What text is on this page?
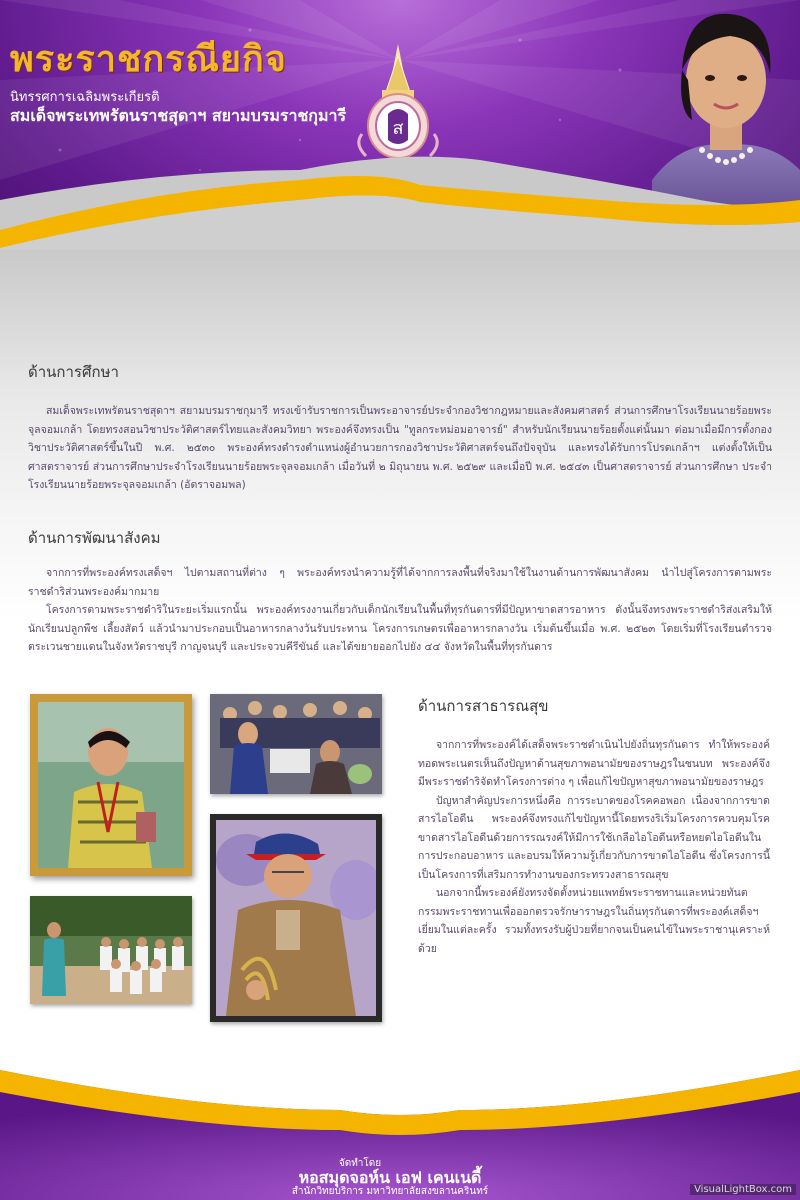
พระราชกรณียกิจ
นิทรรศการเฉลิมพระเกียรติ
สมเด็จพระเทพรัตนราชสุดาฯ สยามบรมราชกุมารี
ส
ด้านการศึกษา

สมเด็จพระเทพรัตนราชสุดาฯ สยามบรมราชกุมารี ทรงเข้ารับราชการเป็นพระอาจารย์ประจำกองวิชากฎหมายและสังคมศาสตร์ ส่วนการศึกษาโรงเรียนนายร้อยพระจุลจอมเกล้า โดยทรงสอนวิชาประวัติศาสตร์ไทยและสังคมวิทยา พระองค์จึงทรงเป็น "ทูลกระหม่อมอาจารย์" สำหรับนักเรียนนายร้อยตั้งแต่นั้นมา ต่อมาเมื่อมีการตั้งกองวิชาประวัติศาสตร์ขึ้นในปี พ.ศ. ๒๕๓๐ พระองค์ทรงดำรงตำแหน่งผู้อำนวยการกองวิชาประวัติศาสตร์จนถึงปัจจุบัน และทรงได้รับการโปรดเกล้าฯ แต่งตั้งให้เป็นศาสตราจารย์ ส่วนการศึกษาประจำโรงเรียนนายร้อยพระจุลจอมเกล้า เมื่อวันที่ ๒ มิถุนายน พ.ศ. ๒๕๒๙ และเมื่อปี พ.ศ. ๒๕๔๓ เป็นศาสตราจารย์ ส่วนการศึกษา ประจำโรงเรียนนายร้อยพระจุลจอมเกล้า (อัตราจอมพล)

ด้านการพัฒนาสังคม

จากการที่พระองค์ทรงเสด็จฯ ไปตามสถานที่ต่าง ๆ พระองค์ทรงนำความรู้ที่ได้จากการลงพื้นที่จริงมาใช้ในงานด้านการพัฒนาสังคม นำไปสู่โครงการตามพระราชดำริส่วนพระองค์มากมาย

โครงการตามพระราชดำริในระยะเริ่มแรกนั้น พระองค์ทรงงานเกี่ยวกับเด็กนักเรียนในพื้นที่ทุรกันดารที่มีปัญหาขาดสารอาหาร ดังนั้นจึงทรงพระราชดำริส่งเสริมให้นักเรียนปลูกพืช เลี้ยงสัตว์ แล้วนำมาประกอบเป็นอาหารกลางวันรับประทาน โครงการเกษตรเพื่ออาหารกลางวัน เริ่มต้นขึ้นเมื่อ พ.ศ. ๒๕๒๓ โดยเริ่มที่โรงเรียนตำรวจตระเวนชายแดนในจังหวัดราชบุรี กาญจนบุรี และประจวบคีรีขันธ์ และได้ขยายออกไปยัง ๔๔ จังหวัดในพื้นที่ทุรกันดาร

ด้านการสาธารณสุข

จากการที่พระองค์ได้เสด็จพระราชดำเนินไปยังถิ่นทุรกันดาร ทำให้พระองค์ทอดพระเนตรเห็นถึงปัญหาด้านสุขภาพอนามัยของราษฎรในชนบท พระองค์จึงมีพระราชดำริจัดทำโครงการต่าง ๆ เพื่อแก้ไขปัญหาสุขภาพอนามัยของราษฎร

ปัญหาสำคัญประการหนึ่งคือ การระบาดของโรคคอพอก เนื่องจากการขาดสารไอโอดีน พระองค์จึงทรงแก้ไขปัญหานี้โดยทรงริเริ่มโครงการควบคุมโรคขาดสารไอโอดีนด้วยการรณรงค์ให้มีการใช้เกลือไอโอดีนหรือหยดไอโอดีนในการประกอบอาหาร และอบรมให้ความรู้เกี่ยวกับการขาดไอโอดีน ซึ่งโครงการนี้เป็นโครงการที่เสริมการทำงานของกระทรวงสาธารณสุข

นอกจากนี้พระองค์ยังทรงจัดตั้งหน่วยแพทย์พระราชทานและหน่วยทันตกรรมพระราชทานเพื่อออกตรวจรักษาราษฎรในถิ่นทุรกันดารที่พระองค์เสด็จฯ เยี่ยมในแต่ละครั้ง รวมทั้งทรงรับผู้ป่วยที่ยากจนเป็นคนไข้ในพระราชานุเคราะห์ด้วย

จัดทำโดย
หอสมุดจอห์น เอฟ เคนเนดี้
สำนักวิทยบริการ มหาวิทยาลัยสงขลานครินทร์	VisualLightBox.com
